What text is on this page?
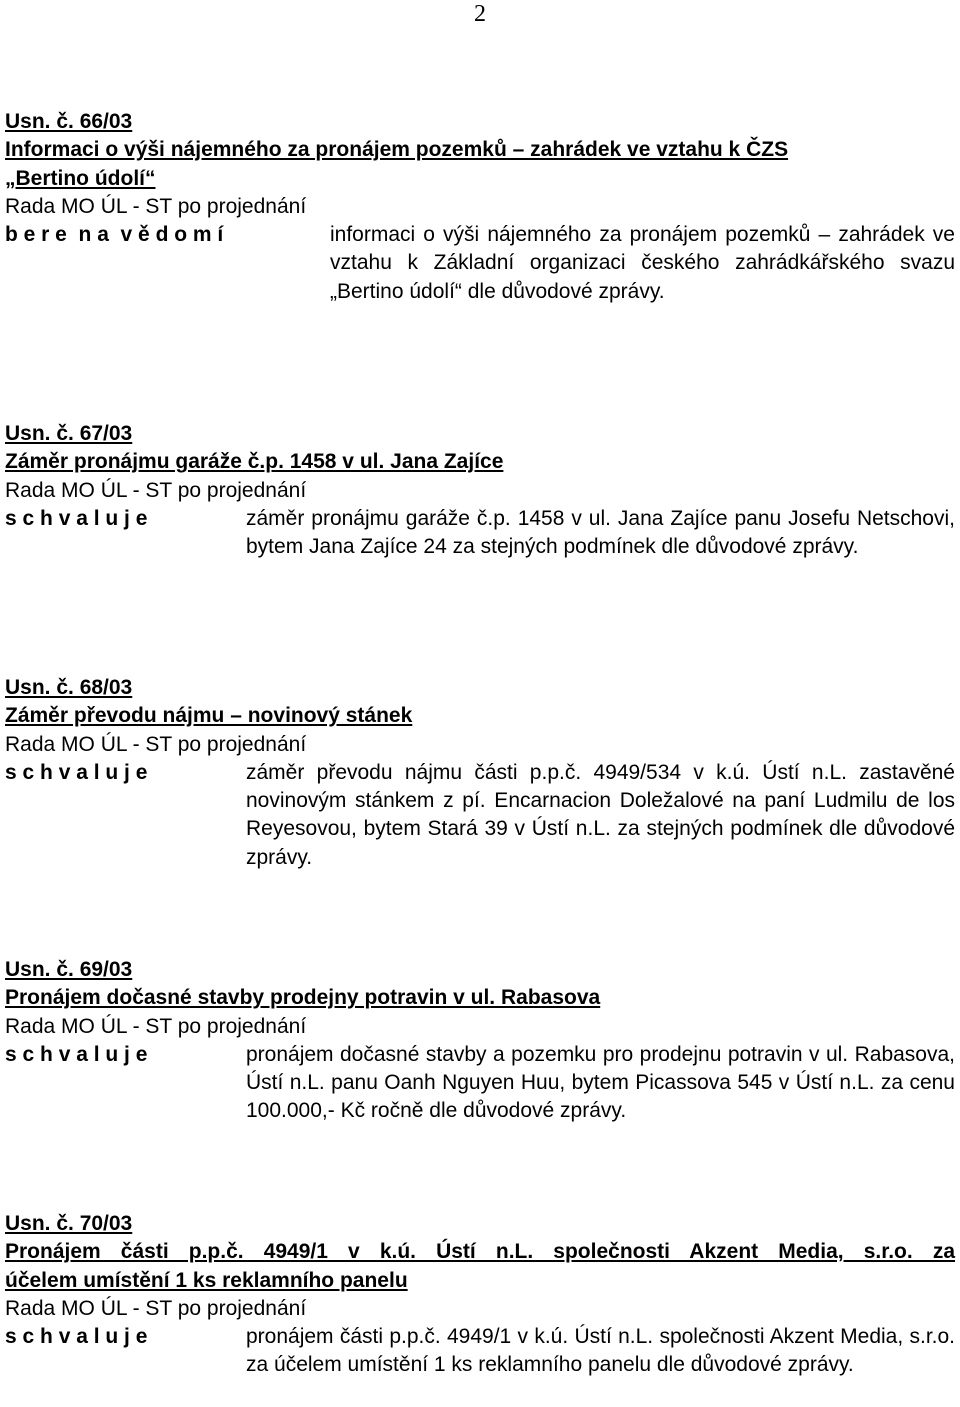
2
Usn. č. 66/03
Informaci o výši nájemného za pronájem pozemků – zahrádek ve vztahu k ČZS
„Bertino údolí“
Rada MO ÚL - ST po projednání
b e r e  n a  v ě d o m í	informaci o výši nájemného za pronájem pozemků – zahrádek ve vztahu k Základní organizaci českého zahrádkářského svazu „Bertino údolí“ dle důvodové zprávy.
Usn. č. 67/03
Záměr pronájmu garáže č.p. 1458 v ul. Jana Zajíce
Rada MO ÚL - ST po projednání
s c h v a l u j e	záměr pronájmu garáže č.p. 1458 v ul. Jana Zajíce panu Josefu Netschovi, bytem Jana Zajíce 24 za stejných podmínek dle důvodové zprávy.
Usn. č. 68/03
Záměr převodu nájmu – novinový stánek
Rada MO ÚL - ST po projednání
s c h v a l u j e	záměr převodu nájmu části p.p.č. 4949/534 v k.ú. Ústí n.L. zastavěné novinovým stánkem z pí. Encarnacion Doležalové na paní Ludmilu de los Reyesovou, bytem Stará 39 v Ústí n.L. za stejných podmínek dle důvodové zprávy.
Usn. č. 69/03
Pronájem dočasné stavby prodejny potravin v ul. Rabasova
Rada MO ÚL - ST po projednání
s c h v a l u j e	pronájem dočasné stavby a pozemku pro prodejnu potravin v ul. Rabasova, Ústí n.L. panu Oanh Nguyen Huu, bytem Picassova 545 v Ústí n.L. za cenu 100.000,- Kč ročně dle důvodové zprávy.
Usn. č. 70/03
Pronájem části p.p.č. 4949/1 v k.ú. Ústí n.L. společnosti Akzent Media, s.r.o. za
účelem umístění 1 ks reklamního panelu
Rada MO ÚL - ST po projednání
s c h v a l u j e	pronájem části p.p.č. 4949/1 v k.ú. Ústí n.L. společnosti Akzent Media, s.r.o. za účelem umístění 1 ks reklamního panelu dle důvodové zprávy.
